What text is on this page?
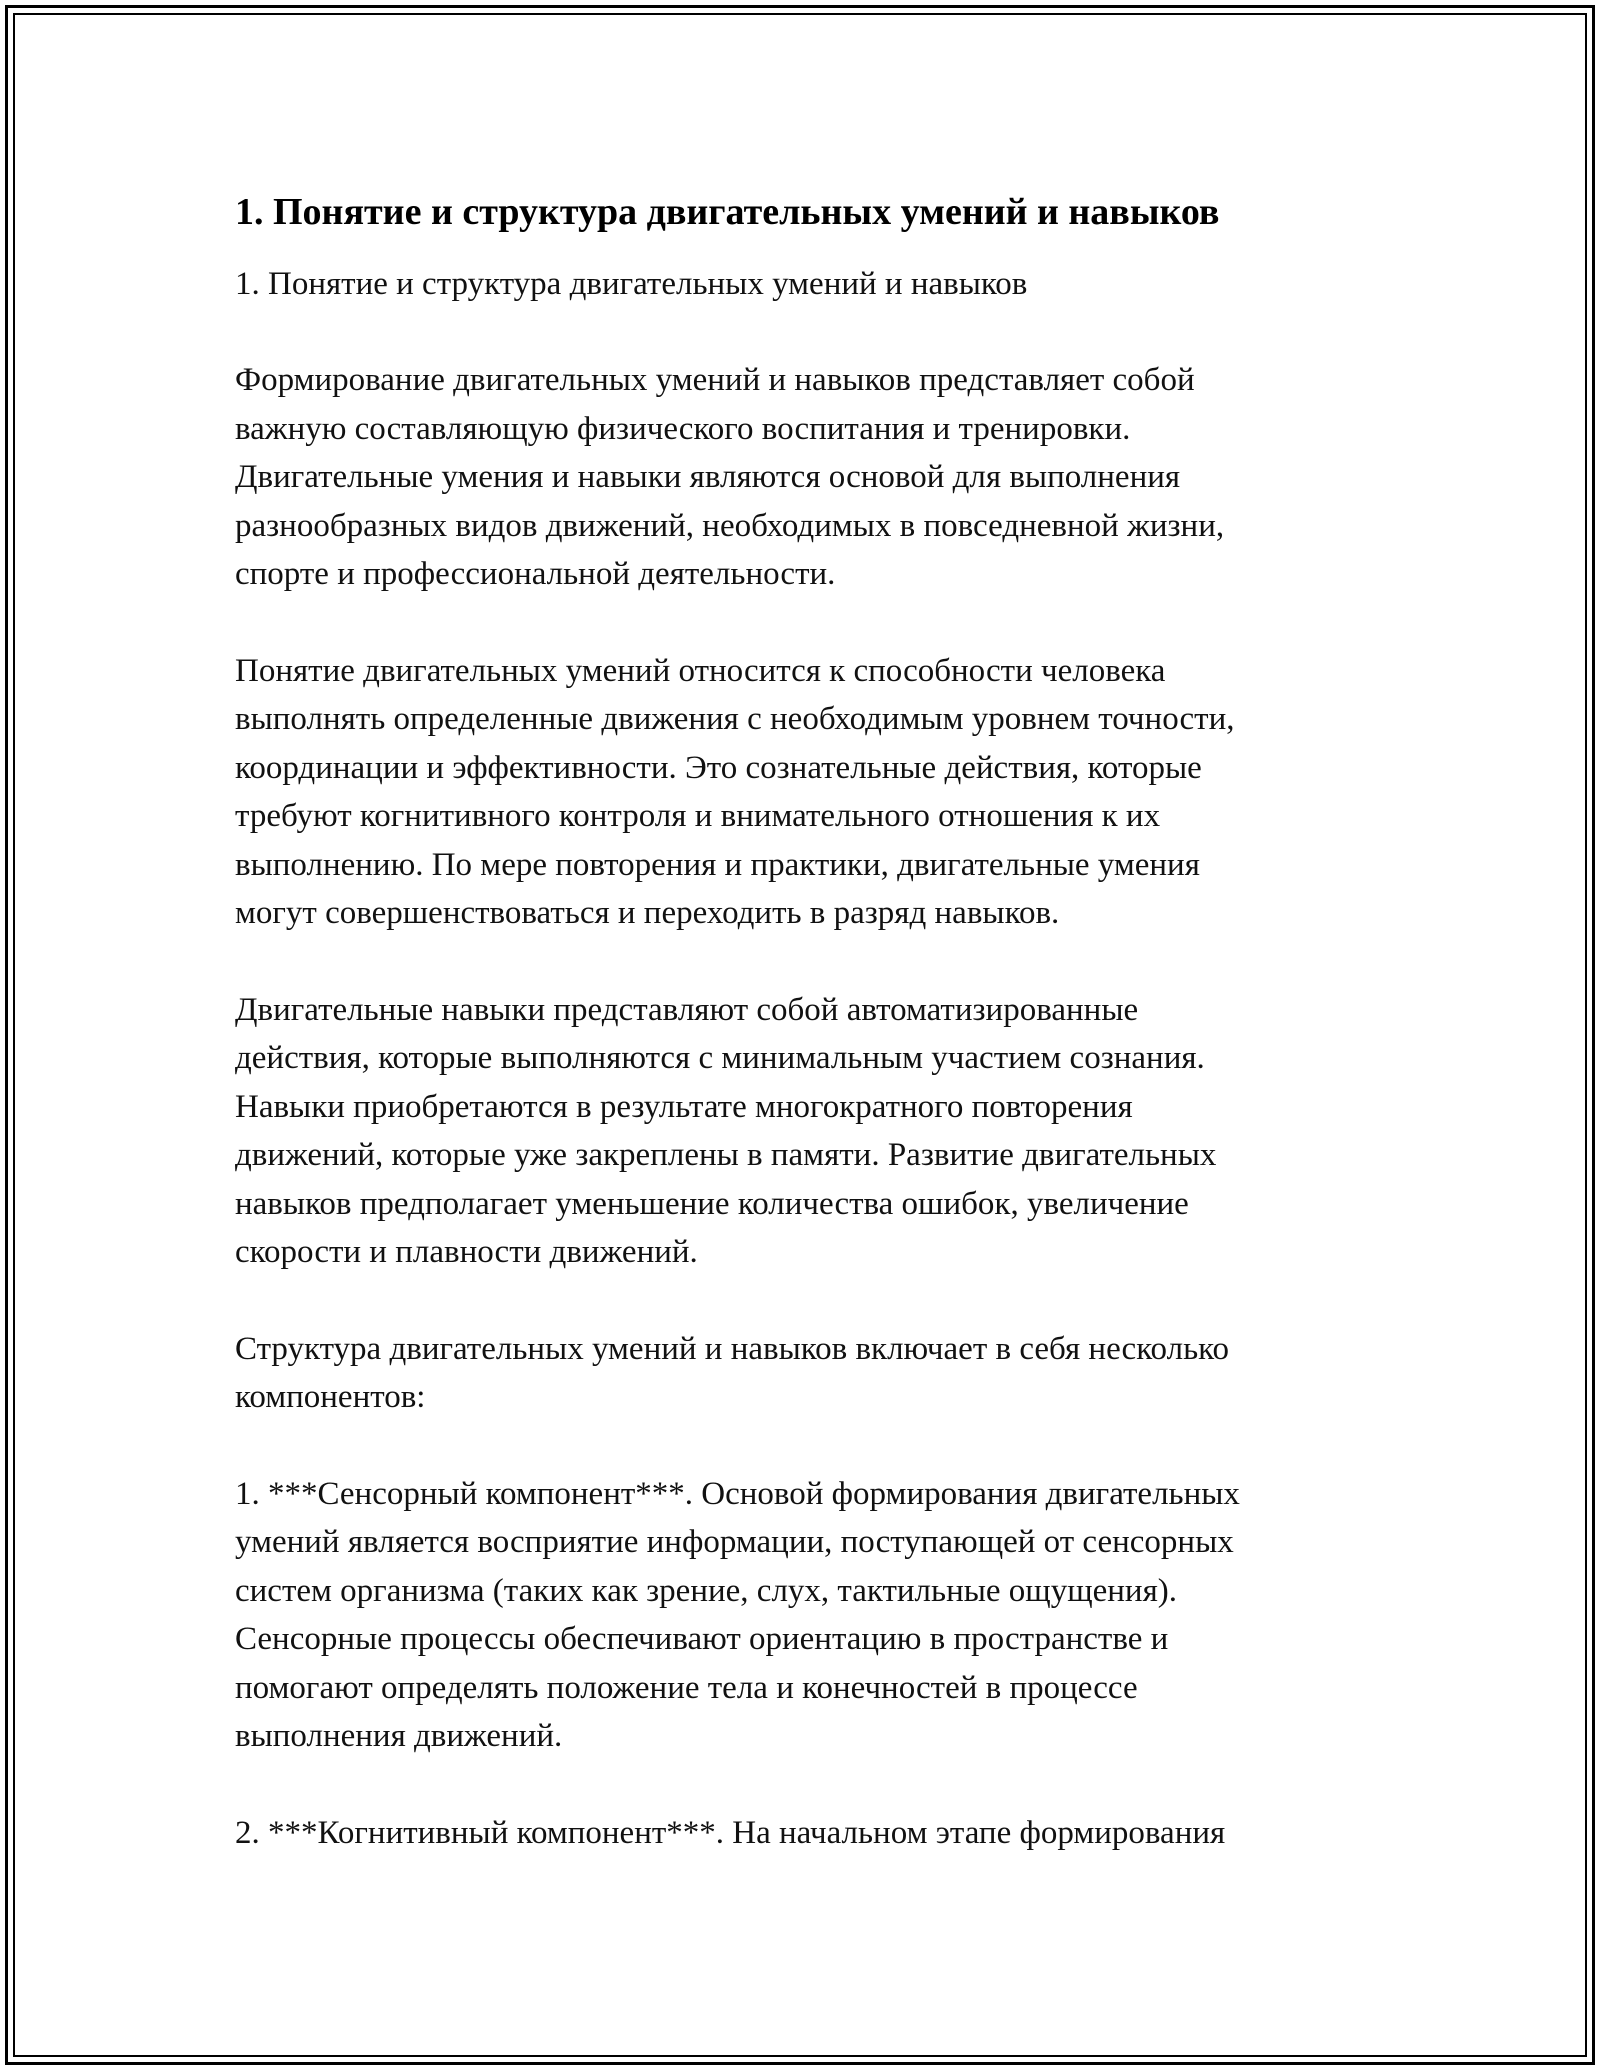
1. Понятие и структура двигательных умений и навыков
1. Понятие и структура двигательных умений и навыков
Формирование двигательных умений и навыков представляет собой
важную составляющую физического воспитания и тренировки.
Двигательные умения и навыки являются основой для выполнения
разнообразных видов движений, необходимых в повседневной жизни,
спорте и профессиональной деятельности.
Понятие двигательных умений относится к способности человека
выполнять определенные движения с необходимым уровнем точности,
координации и эффективности. Это сознательные действия, которые
требуют когнитивного контроля и внимательного отношения к их
выполнению. По мере повторения и практики, двигательные умения
могут совершенствоваться и переходить в разряд навыков.
Двигательные навыки представляют собой автоматизированные
действия, которые выполняются с минимальным участием сознания.
Навыки приобретаются в результате многократного повторения
движений, которые уже закреплены в памяти. Развитие двигательных
навыков предполагает уменьшение количества ошибок, увеличение
скорости и плавности движений.
Структура двигательных умений и навыков включает в себя несколько
компонентов:
1. ***Сенсорный компонент***. Основой формирования двигательных
умений является восприятие информации, поступающей от сенсорных
систем организма (таких как зрение, слух, тактильные ощущения).
Сенсорные процессы обеспечивают ориентацию в пространстве и
помогают определять положение тела и конечностей в процессе
выполнения движений.
2. ***Когнитивный компонент***. На начальном этапе формирования
